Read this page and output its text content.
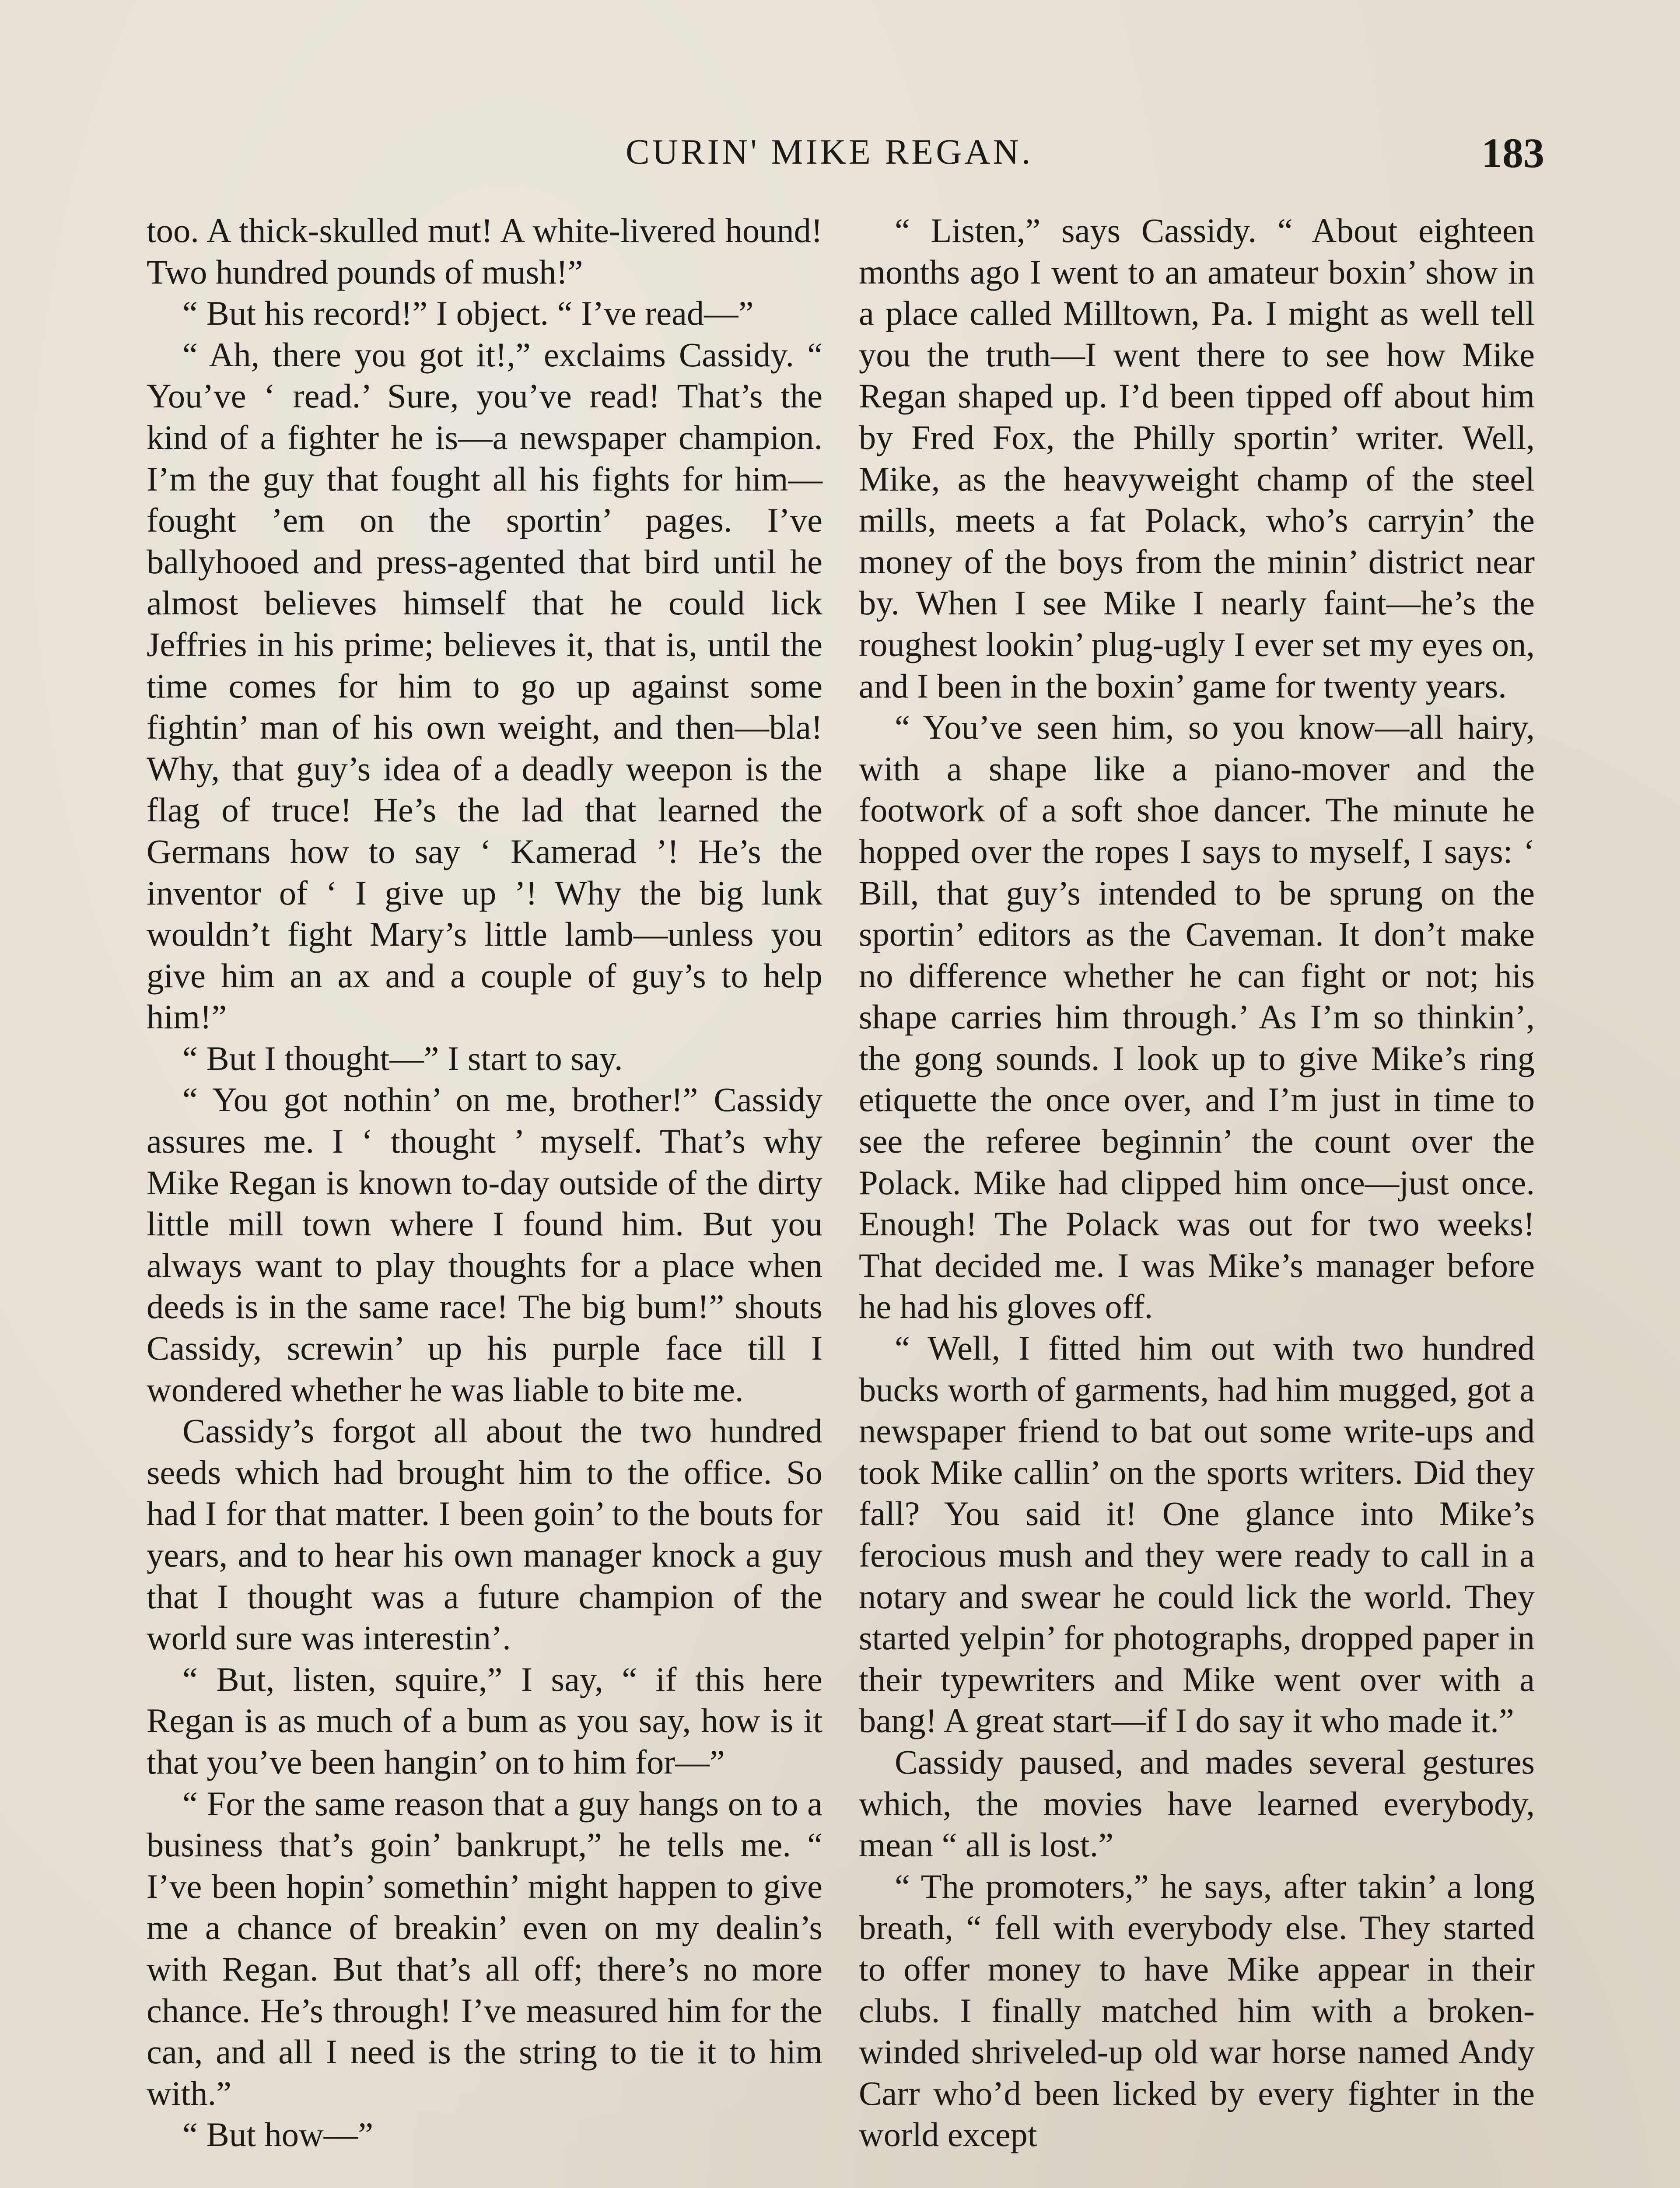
CURIN' MIKE REGAN.	183

too. A thick-skulled mut! A white-livered hound! Two hundred pounds of mush!”

“ But his record!” I object. “ I’ve read—”

“ Ah, there you got it!,” exclaims Cassidy. “ You’ve ‘ read.’ Sure, you’ve read! That’s the kind of a fighter he is—a newspaper champion. I’m the guy that fought all his fights for him—fought ’em on the sportin’ pages. I’ve ballyhooed and press-agented that bird until he almost believes himself that he could lick Jeffries in his prime; believes it, that is, until the time comes for him to go up against some fightin’ man of his own weight, and then—bla! Why, that guy’s idea of a deadly weepon is the flag of truce! He’s the lad that learned the Germans how to say ‘ Kamerad ’! He’s the inventor of ‘ I give up ’! Why the big lunk wouldn’t fight Mary’s little lamb—unless you give him an ax and a couple of guy’s to help him!”

“ But I thought—” I start to say.

“ You got nothin’ on me, brother!” Cassidy assures me. I ‘ thought ’ myself. That’s why Mike Regan is known to-day outside of the dirty little mill town where I found him. But you always want to play thoughts for a place when deeds is in the same race! The big bum!” shouts Cassidy, screwin’ up his purple face till I wondered whether he was liable to bite me.

Cassidy’s forgot all about the two hundred seeds which had brought him to the office. So had I for that matter. I been goin’ to the bouts for years, and to hear his own manager knock a guy that I thought was a future champion of the world sure was interestin’.

“ But, listen, squire,” I say, “ if this here Regan is as much of a bum as you say, how is it that you’ve been hangin’ on to him for—”

“ For the same reason that a guy hangs on to a business that’s goin’ bankrupt,” he tells me. “ I’ve been hopin’ somethin’ might happen to give me a chance of breakin’ even on my dealin’s with Regan. But that’s all off; there’s no more chance. He’s through! I’ve measured him for the can, and all I need is the string to tie it to him with.”

“ But how—”

“ Listen,” says Cassidy. “ About eighteen months ago I went to an amateur boxin’ show in a place called Milltown, Pa. I might as well tell you the truth—I went there to see how Mike Regan shaped up. I’d been tipped off about him by Fred Fox, the Philly sportin’ writer. Well, Mike, as the heavyweight champ of the steel mills, meets a fat Polack, who’s carryin’ the money of the boys from the minin’ district near by. When I see Mike I nearly faint—he’s the roughest lookin’ plug-ugly I ever set my eyes on, and I been in the boxin’ game for twenty years.

“ You’ve seen him, so you know—all hairy, with a shape like a piano-mover and the footwork of a soft shoe dancer. The minute he hopped over the ropes I says to myself, I says: ‘ Bill, that guy’s intended to be sprung on the sportin’ editors as the Caveman. It don’t make no difference whether he can fight or not; his shape carries him through.’ As I’m so thinkin’, the gong sounds. I look up to give Mike’s ring etiquette the once over, and I’m just in time to see the referee beginnin’ the count over the Polack. Mike had clipped him once—just once. Enough! The Polack was out for two weeks! That decided me. I was Mike’s manager before he had his gloves off.

“ Well, I fitted him out with two hundred bucks worth of garments, had him mugged, got a newspaper friend to bat out some write-ups and took Mike callin’ on the sports writers. Did they fall? You said it! One glance into Mike’s ferocious mush and they were ready to call in a notary and swear he could lick the world. They started yelpin’ for photographs, dropped paper in their typewriters and Mike went over with a bang! A great start—if I do say it who made it.”

Cassidy paused, and mades several gestures which, the movies have learned everybody, mean “ all is lost.”

“ The promoters,” he says, after takin’ a long breath, “ fell with everybody else. They started to offer money to have Mike appear in their clubs. I finally matched him with a broken-winded shriveled-up old war horse named Andy Carr who’d been licked by every fighter in the world except
